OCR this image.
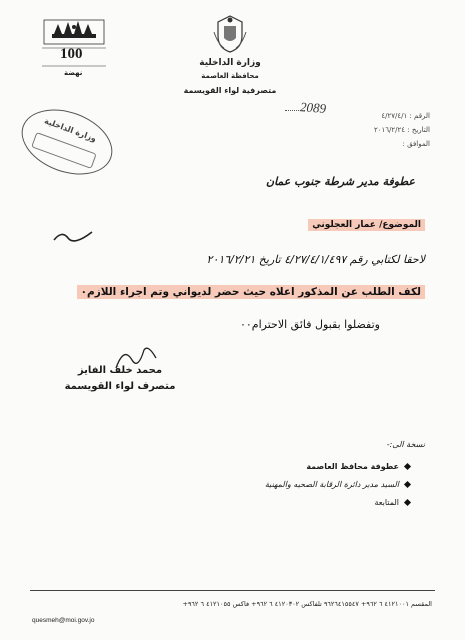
100
نهضة
وزارة الداخلية
محافظة العاصمة
متصرفية لواء القويسمة
الرقم : ٤/٢٧/٤/١
التاريخ : ٢٠١٦/٢/٢٤
الموافق :
2089
وزارة الداخلية
عطوفة مدير شرطة جنوب عمان
الموضوع/ عمار العجلوني
لاحقا لكتابي رقم ٤/٢٧/٤/١/٤٩٧ تاريخ ٢٠١٦/٢/٢١
لكف الطلب عن المذكور اعلاه حيث حضر لديواني وتم اجراء اللازم٠
وتفضلوا بقبول فائق الاحترام٠٠
محمد خلف الفايز
متصرف لواء القويسمة
نسخة الى:-
عطوفة محافظ العاصمة
السيد مدير دائرة الرقابة الصحيه والمهنية
المتابعة
المقسم ٤١٢١٠٠١ ٦ ٩٦٢+ ٩٦٢٦٤١٥٥٤٧ تلفاكس ٤١٢٠٣٠٢ ٦ ٩٦٢+ فاكس ٤١٢١٠٥٥ ٦ ٩٦٢+
quesmeh@moi.gov.jo
